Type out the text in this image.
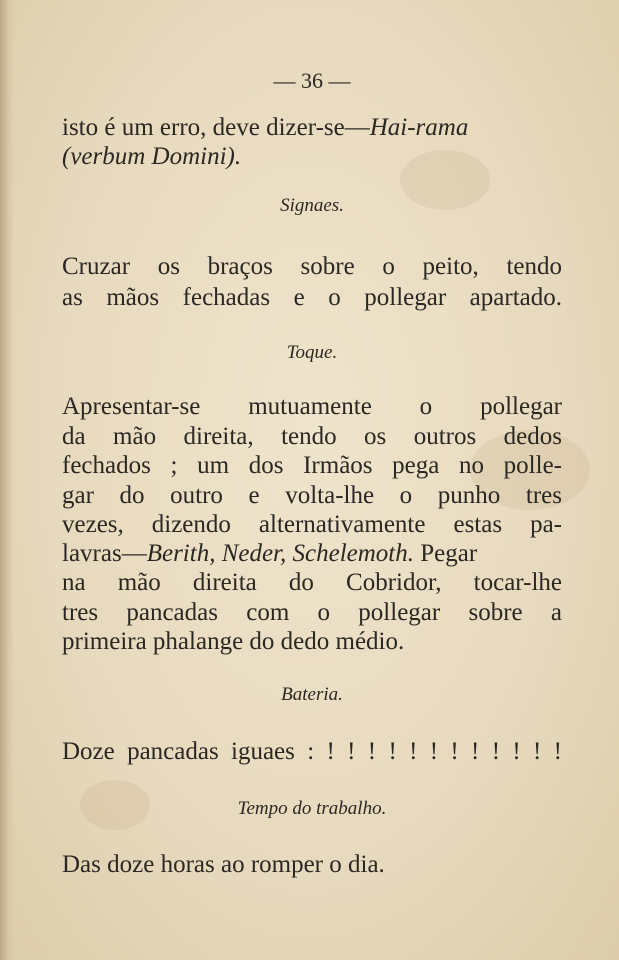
— 36 —
isto é um erro, deve dizer-se—Hai-rama
(verbum Domini).
Signaes.
Cruzar os braços sobre o peito, tendo
as mãos fechadas e o pollegar apartado.
Toque.
Apresentar-se mutuamente o pollegar
da mão direita, tendo os outros dedos
fechados ; um dos Irmãos pega no polle-
gar do outro e volta-lhe o punho tres
vezes, dizendo alternativamente estas pa-
lavras—Berith, Neder, Schelemoth. Pegar
na mão direita do Cobridor, tocar-lhe
tres pancadas com o pollegar sobre a
primeira phalange do dedo médio.
Bateria.
Doze pancadas iguaes : ! ! ! ! ! ! ! ! ! ! ! !
Tempo do trabalho.
Das doze horas ao romper o dia.
